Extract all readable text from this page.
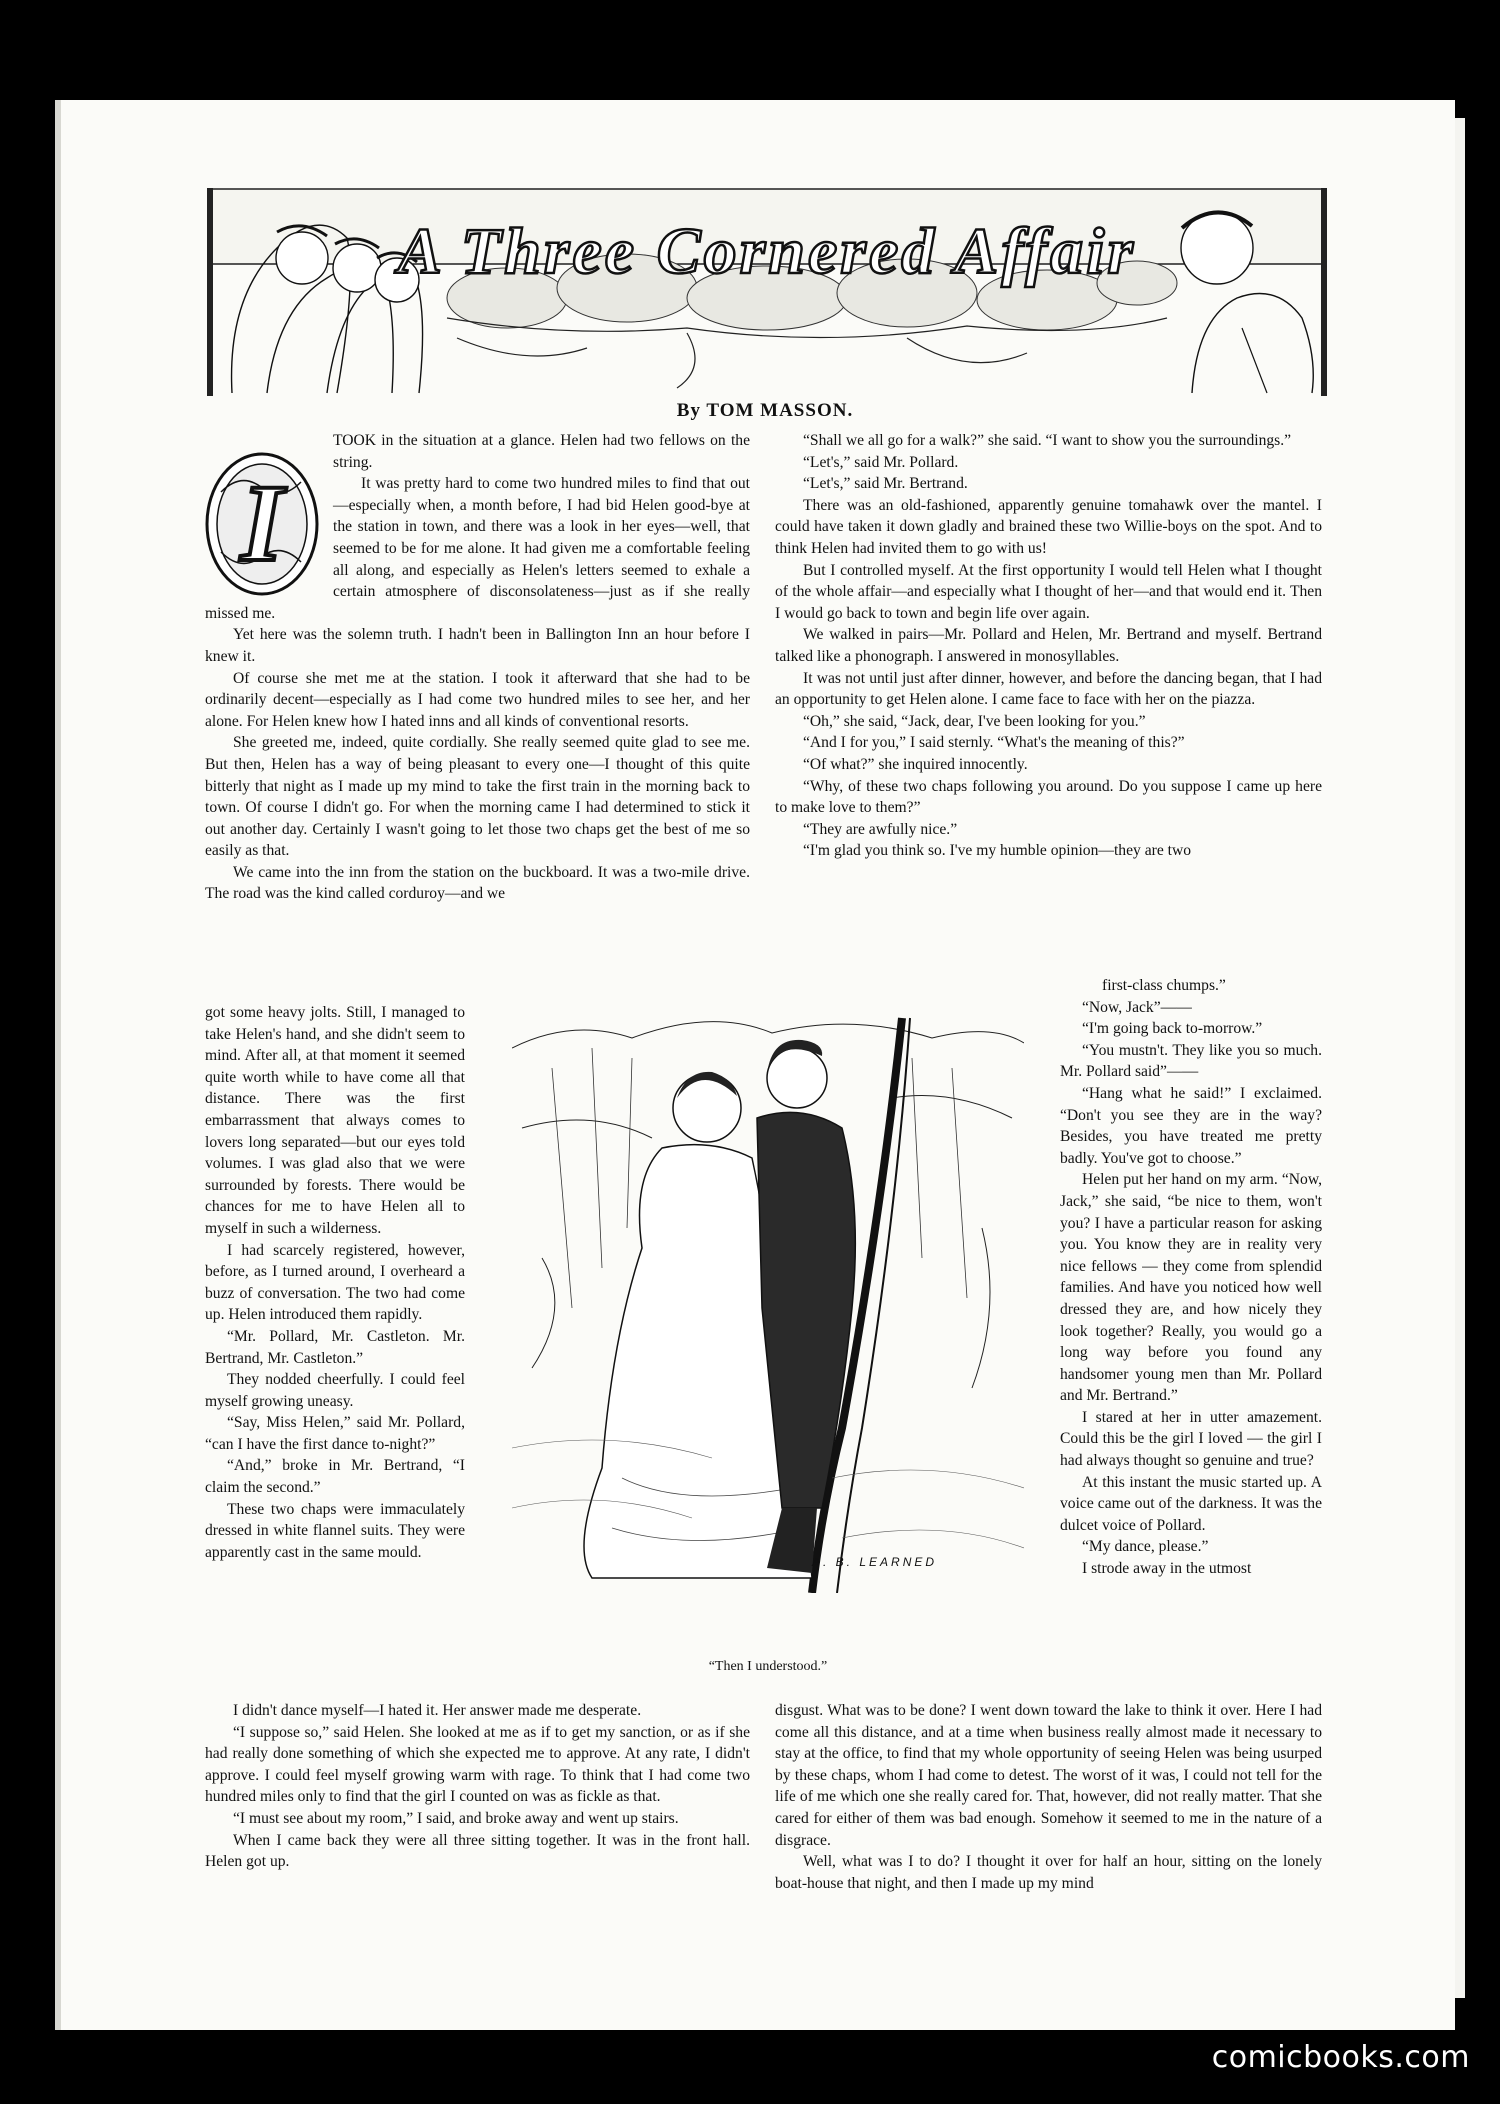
A Three Cornered Affair
By TOM MASSON.
I

TOOK in the situation at a glance. Helen had two fellows on the string.

It was pretty hard to come two hundred miles to find that out—especially when, a month before, I had bid Helen good-bye at the station in town, and there was a look in her eyes—well, that seemed to be for me alone. It had given me a comfortable feeling all along, and especially as Helen's letters seemed to exhale a certain atmosphere of disconsolateness—just as if she really missed me.

Yet here was the solemn truth. I hadn't been in Ballington Inn an hour before I knew it.

Of course she met me at the station. I took it afterward that she had to be ordinarily decent—especially as I had come two hundred miles to see her, and her alone. For Helen knew how I hated inns and all kinds of conventional resorts.

She greeted me, indeed, quite cordially. She really seemed quite glad to see me. But then, Helen has a way of being pleasant to every one—I thought of this quite bitterly that night as I made up my mind to take the first train in the morning back to town. Of course I didn't go. For when the morning came I had determined to stick it out another day. Certainly I wasn't going to let those two chaps get the best of me so easily as that.

We came into the inn from the station on the buckboard. It was a two-mile drive. The road was the kind called corduroy—and we

“Shall we all go for a walk?” she said. “I want to show you the surroundings.”

“Let's,” said Mr. Pollard.

“Let's,” said Mr. Bertrand.

There was an old-fashioned, apparently genuine tomahawk over the mantel. I could have taken it down gladly and brained these two Willie-boys on the spot. And to think Helen had invited them to go with us!

But I controlled myself. At the first opportunity I would tell Helen what I thought of the whole affair—and especially what I thought of her—and that would end it. Then I would go back to town and begin life over again.

We walked in pairs—Mr. Pollard and Helen, Mr. Bertrand and myself. Bertrand talked like a phonograph. I answered in monosyllables.

It was not until just after dinner, however, and before the dancing began, that I had an opportunity to get Helen alone. I came face to face with her on the piazza.

“Oh,” she said, “Jack, dear, I've been looking for you.”

“And I for you,” I said sternly. “What's the meaning of this?”

“Of what?” she inquired innocently.

“Why, of these two chaps following you around. Do you suppose I came up here to make love to them?”

“They are awfully nice.”

“I'm glad you think so. I've my humble opinion—they are two

got some heavy jolts. Still, I managed to take Helen's hand, and she didn't seem to mind. After all, at that moment it seemed quite worth while to have come all that distance. There was the first embarrassment that always comes to lovers long separated—but our eyes told volumes. I was glad also that we were surrounded by forests. There would be chances for me to have Helen all to myself in such a wilderness.

I had scarcely registered, however, before, as I turned around, I overheard a buzz of conversation. The two had come up. Helen introduced them rapidly.

“Mr. Pollard, Mr. Castleton. Mr. Bertrand, Mr. Castleton.”

They nodded cheerfully. I could feel myself growing uneasy.

“Say, Miss Helen,” said Mr. Pollard, “can I have the first dance to-night?”

“And,” broke in Mr. Bertrand, “I claim the second.”

These two chaps were immaculately dressed in white flannel suits. They were apparently cast in the same mould.

first-class chumps.”

“Now, Jack”——

“I'm going back to-morrow.”

“You mustn't. They like you so much. Mr. Pollard said”——

“Hang what he said!” I exclaimed. “Don't you see they are in the way? Besides, you have treated me pretty badly. You've got to choose.”

Helen put her hand on my arm. “Now, Jack,” she said, “be nice to them, won't you? I have a particular reason for asking you. You know they are in reality very nice fellows — they come from splendid families. And have you noticed how well dressed they are, and how nicely they look together? Really, you would go a long way before you found any handsomer young men than Mr. Pollard and Mr. Bertrand.”

I stared at her in utter amazement. Could this be the girl I loved — the girl I had always thought so genuine and true?

At this instant the music started up. A voice came out of the darkness. It was the dulcet voice of Pollard.

“My dance, please.”

I strode away in the utmost

A. B. LEARNED
“Then I understood.”

I didn't dance myself—I hated it. Her answer made me desperate.

“I suppose so,” said Helen. She looked at me as if to get my sanction, or as if she had really done something of which she expected me to approve. At any rate, I didn't approve. I could feel myself growing warm with rage. To think that I had come two hundred miles only to find that the girl I counted on was as fickle as that.

“I must see about my room,” I said, and broke away and went up stairs.

When I came back they were all three sitting together. It was in the front hall. Helen got up.

disgust. What was to be done? I went down toward the lake to think it over. Here I had come all this distance, and at a time when business really almost made it necessary to stay at the office, to find that my whole opportunity of seeing Helen was being usurped by these chaps, whom I had come to detest. The worst of it was, I could not tell for the life of me which one she really cared for. That, however, did not really matter. That she cared for either of them was bad enough. Somehow it seemed to me in the nature of a disgrace.

Well, what was I to do? I thought it over for half an hour, sitting on the lonely boat-house that night, and then I made up my mind

comicbooks.com
